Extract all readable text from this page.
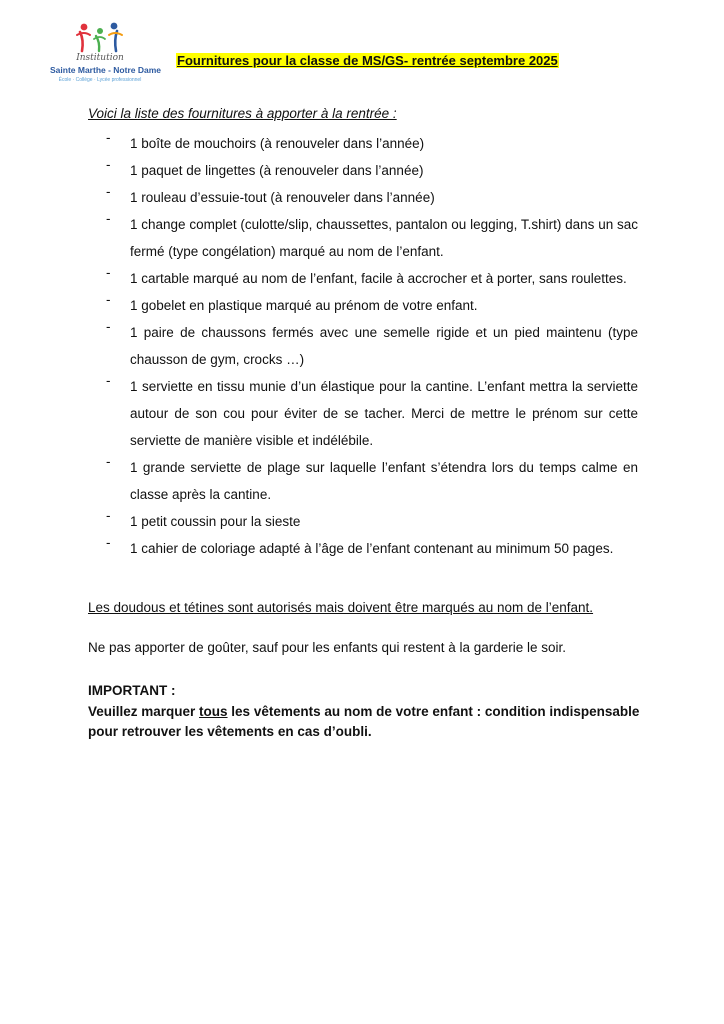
Institution
Sainte Marthe - Notre Dame
École · Collège · Lycée professionnel
Fournitures pour la classe de MS/GS- rentrée septembre 2025
Voici la liste des fournitures à apporter à la rentrée :
- 1 boîte de mouchoirs (à renouveler dans l’année)
- 1 paquet de lingettes (à renouveler dans l’année)
- 1 rouleau d’essuie-tout (à renouveler dans l’année)
- 1 change complet (culotte/slip, chaussettes, pantalon ou legging, T.shirt) dans un sac fermé (type congélation) marqué au nom de l’enfant.
- 1 cartable marqué au nom de l’enfant, facile à accrocher et à porter, sans roulettes.
- 1 gobelet en plastique marqué au prénom de votre enfant.
- 1 paire de chaussons fermés avec une semelle rigide et un pied maintenu (type chausson de gym, crocks …)
- 1 serviette en tissu munie d’un élastique pour la cantine. L’enfant mettra la serviette autour de son cou pour éviter de se tacher. Merci de mettre le prénom sur cette serviette de manière visible et indélébile.
- 1 grande serviette de plage sur laquelle l’enfant s’étendra lors du temps calme en classe après la cantine.
- 1 petit coussin pour la sieste
- 1 cahier de coloriage adapté à l’âge de l’enfant contenant au minimum 50 pages.
Les doudous et tétines sont autorisés mais doivent être marqués au nom de l’enfant.
Ne pas apporter de goûter, sauf pour les enfants qui restent à la garderie le soir.
IMPORTANT :
Veuillez marquer tous les vêtements au nom de votre enfant : condition indispensable pour retrouver les vêtements en cas d’oubli.
